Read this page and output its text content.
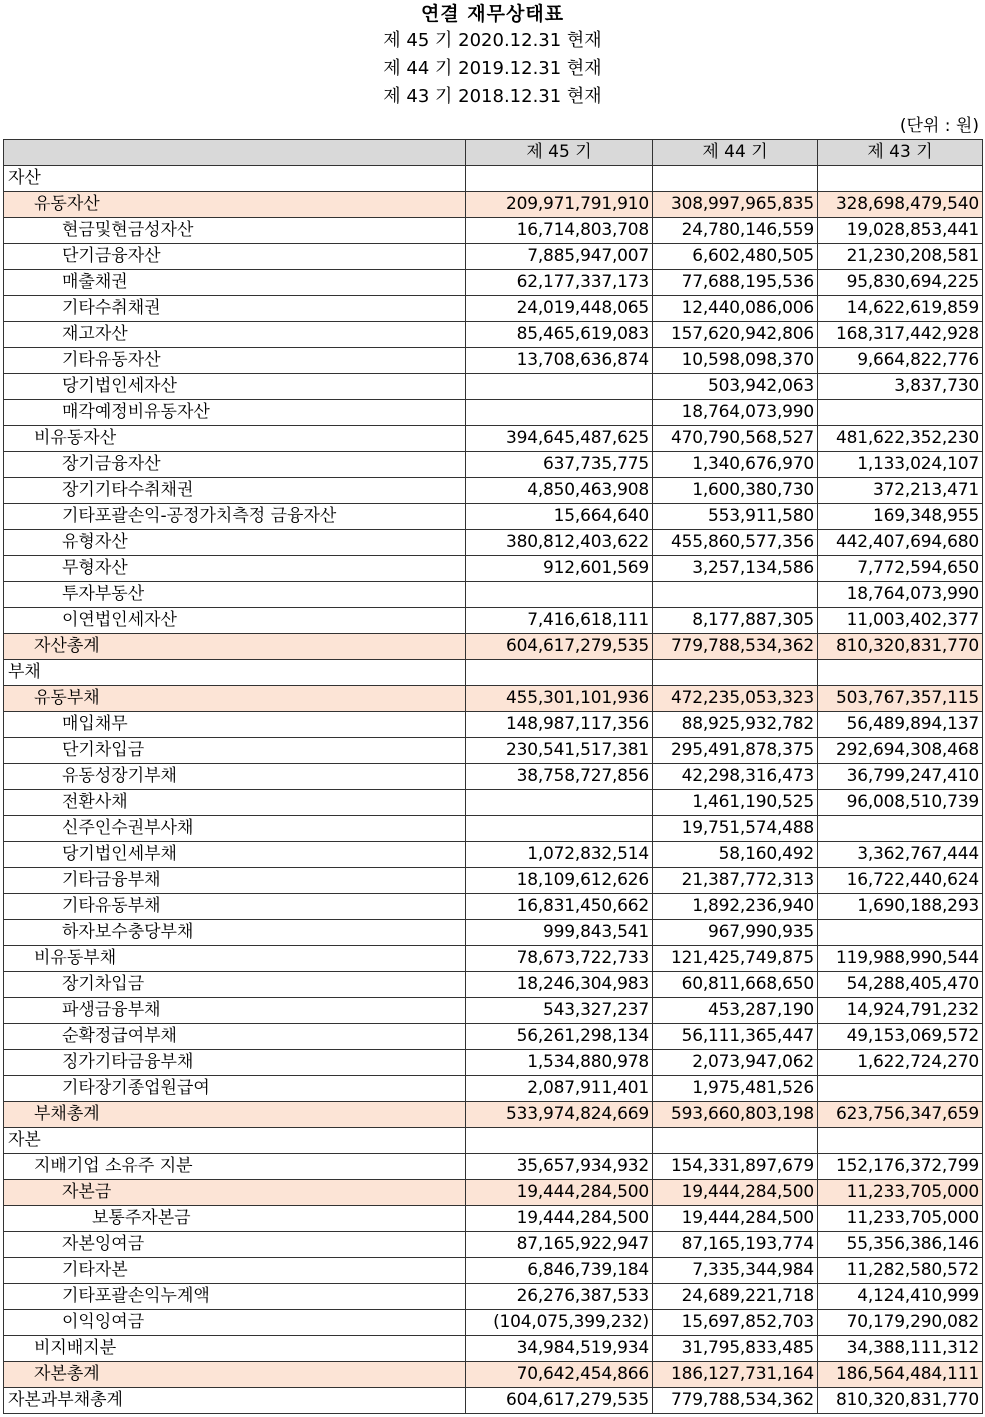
연결 재무상태표
제 45 기 2020.12.31 현재
제 44 기 2019.12.31 현재
제 43 기 2018.12.31 현재
(단위 : 원)
	제 45 기	제 44 기	제 43 기
자산			
유동자산	209,971,791,910	308,997,965,835	328,698,479,540
현금및현금성자산	16,714,803,708	24,780,146,559	19,028,853,441
단기금융자산	7,885,947,007	6,602,480,505	21,230,208,581
매출채권	62,177,337,173	77,688,195,536	95,830,694,225
기타수취채권	24,019,448,065	12,440,086,006	14,622,619,859
재고자산	85,465,619,083	157,620,942,806	168,317,442,928
기타유동자산	13,708,636,874	10,598,098,370	9,664,822,776
당기법인세자산		503,942,063	3,837,730
매각예정비유동자산		18,764,073,990	
비유동자산	394,645,487,625	470,790,568,527	481,622,352,230
장기금융자산	637,735,775	1,340,676,970	1,133,024,107
장기기타수취채권	4,850,463,908	1,600,380,730	372,213,471
기타포괄손익-공정가치측정 금융자산	15,664,640	553,911,580	169,348,955
유형자산	380,812,403,622	455,860,577,356	442,407,694,680
무형자산	912,601,569	3,257,134,586	7,772,594,650
투자부동산			18,764,073,990
이연법인세자산	7,416,618,111	8,177,887,305	11,003,402,377
자산총계	604,617,279,535	779,788,534,362	810,320,831,770
부채			
유동부채	455,301,101,936	472,235,053,323	503,767,357,115
매입채무	148,987,117,356	88,925,932,782	56,489,894,137
단기차입금	230,541,517,381	295,491,878,375	292,694,308,468
유동성장기부채	38,758,727,856	42,298,316,473	36,799,247,410
전환사채		1,461,190,525	96,008,510,739
신주인수권부사채		19,751,574,488	
당기법인세부채	1,072,832,514	58,160,492	3,362,767,444
기타금융부채	18,109,612,626	21,387,772,313	16,722,440,624
기타유동부채	16,831,450,662	1,892,236,940	1,690,188,293
하자보수충당부채	999,843,541	967,990,935	
비유동부채	78,673,722,733	121,425,749,875	119,988,990,544
장기차입금	18,246,304,983	60,811,668,650	54,288,405,470
파생금융부채	543,327,237	453,287,190	14,924,791,232
순확정급여부채	56,261,298,134	56,111,365,447	49,153,069,572
징가기타금융부채	1,534,880,978	2,073,947,062	1,622,724,270
기타장기종업원급여	2,087,911,401	1,975,481,526	
부채총계	533,974,824,669	593,660,803,198	623,756,347,659
자본			
지배기업 소유주 지분	35,657,934,932	154,331,897,679	152,176,372,799
자본금	19,444,284,500	19,444,284,500	11,233,705,000
보통주자본금	19,444,284,500	19,444,284,500	11,233,705,000
자본잉여금	87,165,922,947	87,165,193,774	55,356,386,146
기타자본	6,846,739,184	7,335,344,984	11,282,580,572
기타포괄손익누계액	26,276,387,533	24,689,221,718	4,124,410,999
이익잉여금	(104,075,399,232)	15,697,852,703	70,179,290,082
비지배지분	34,984,519,934	31,795,833,485	34,388,111,312
자본총계	70,642,454,866	186,127,731,164	186,564,484,111
자본과부채총계	604,617,279,535	779,788,534,362	810,320,831,770
